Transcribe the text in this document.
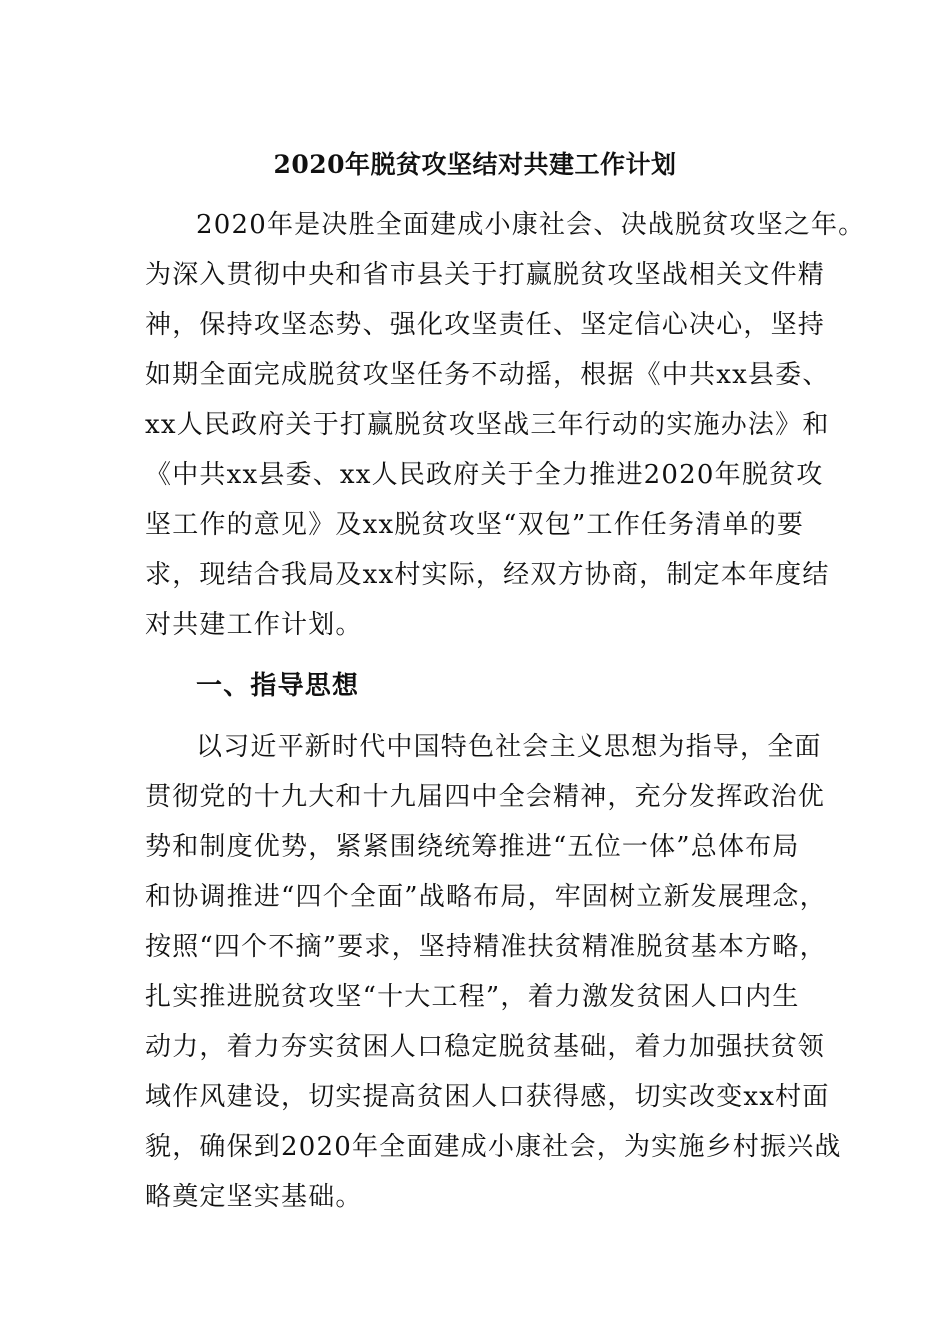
2020年脱贫攻坚结对共建工作计划
2020年是决胜全面建成小康社会、决战脱贫攻坚之年。
为深入贯彻中央和省市县关于打赢脱贫攻坚战相关文件精
神，保持攻坚态势、强化攻坚责任、坚定信心决心，坚持
如期全面完成脱贫攻坚任务不动摇，根据《中共xx县委、
xx人民政府关于打赢脱贫攻坚战三年行动的实施办法》和
《中共xx县委、xx人民政府关于全力推进2020年脱贫攻
坚工作的意见》及xx脱贫攻坚“双包”工作任务清单的要
求，现结合我局及xx村实际，经双方协商，制定本年度结
对共建工作计划。
一、指导思想
以习近平新时代中国特色社会主义思想为指导，全面
贯彻党的十九大和十九届四中全会精神，充分发挥政治优
势和制度优势，紧紧围绕统筹推进“五位一体”总体布局
和协调推进“四个全面”战略布局，牢固树立新发展理念，
按照“四个不摘”要求，坚持精准扶贫精准脱贫基本方略，
扎实推进脱贫攻坚“十大工程”，着力激发贫困人口内生
动力，着力夯实贫困人口稳定脱贫基础，着力加强扶贫领
域作风建设，切实提高贫困人口获得感，切实改变xx村面
貌，确保到2020年全面建成小康社会，为实施乡村振兴战
略奠定坚实基础。
